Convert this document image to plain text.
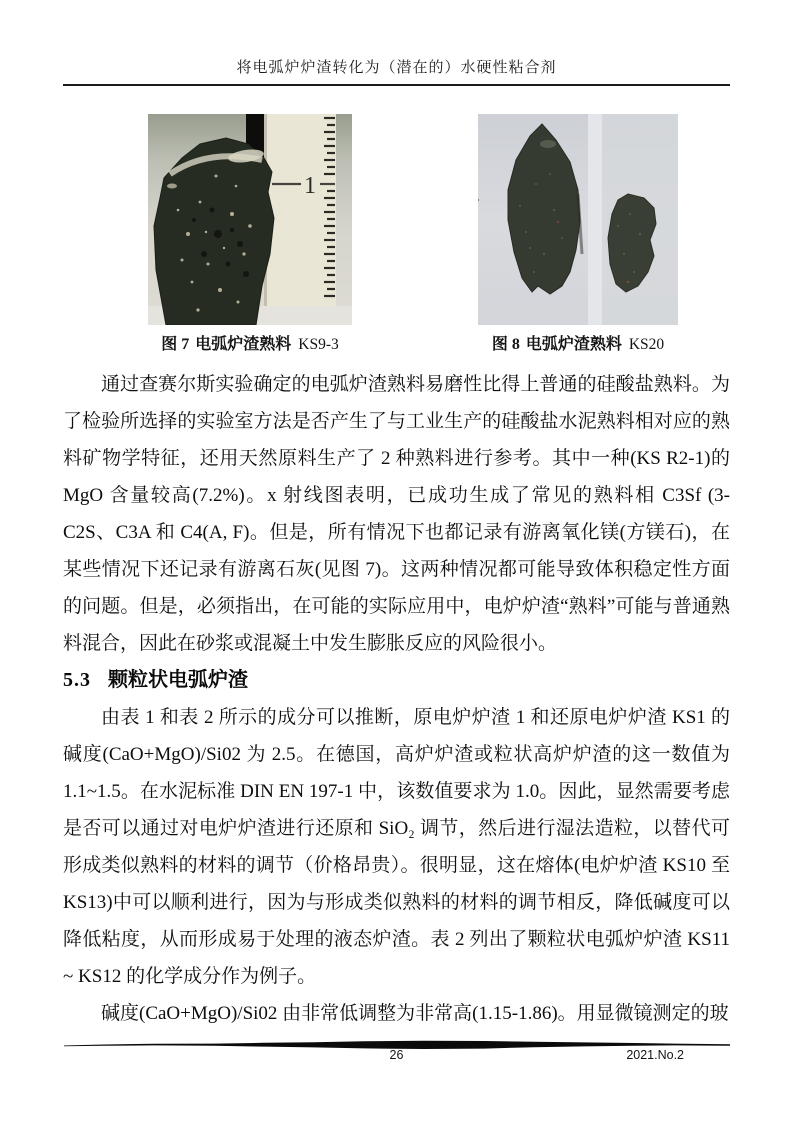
将电弧炉炉渣转化为（潜在的）水硬性粘合剂
1
图 7 电弧炉渣熟料 KS9-3	图 8 电弧炉渣熟料 KS20

通过查赛尔斯实验确定的电弧炉渣熟料易磨性比得上普通的硅酸盐熟料。为了检验所选择的实验室方法是否产生了与工业生产的硅酸盐水泥熟料相对应的熟料矿物学特征，还用天然原料生产了 2 种熟料进行参考。其中一种(KS R2-1)的 MgO 含量较高(7.2%)。x 射线图表明，已成功生成了常见的熟料相 C3Sf (3-C2S、C3A 和 C4(A, F)。但是，所有情况下也都记录有游离氧化镁(方镁石)，在某些情况下还记录有游离石灰(见图 7)。这两种情况都可能导致体积稳定性方面的问题。但是，必须指出，在可能的实际应用中，电炉炉渣“熟料”可能与普通熟料混合，因此在砂浆或混凝土中发生膨胀反应的风险很小。

5.3 颗粒状电弧炉渣

由表 1 和表 2 所示的成分可以推断，原电炉炉渣 1 和还原电炉炉渣 KS1 的碱度(CaO+MgO)/Si02 为 2.5。在德国，高炉炉渣或粒状高炉炉渣的这一数值为 1.1~1.5。在水泥标准 DIN EN 197-1 中，该数值要求为 1.0。因此，显然需要考虑是否可以通过对电炉炉渣进行还原和 SiO₂ 调节，然后进行湿法造粒，以替代可形成类似熟料的材料的调节（价格昂贵）。很明显，这在熔体(电炉炉渣 KS10 至 KS13)中可以顺利进行，因为与形成类似熟料的材料的调节相反，降低碱度可以降低粘度，从而形成易于处理的液态炉渣。表 2 列出了颗粒状电弧炉炉渣 KS11 ~ KS12 的化学成分作为例子。

碱度(CaO+MgO)/Si02 由非常低调整为非常高(1.15-1.86)。用显微镜测定的玻

26	2021.No.2
